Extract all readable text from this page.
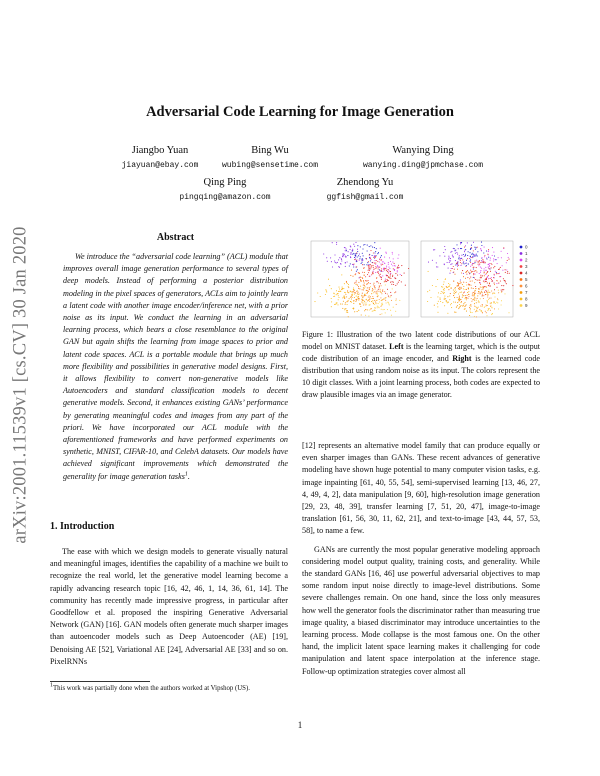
arXiv:2001.11539v1 [cs.CV] 30 Jan 2020
Adversarial Code Learning for Image Generation
Jiangbo Yuan
jiayuan@ebay.com
Bing Wu
wubing@sensetime.com
Wanying Ding
wanying.ding@jpmchase.com
Qing Ping
pingqing@amazon.com
Zhendong Yu
ggfish@gmail.com
Abstract

We introduce the “adversarial code learning” (ACL) module that improves overall image generation performance to several types of deep models. Instead of performing a posterior distribution modeling in the pixel spaces of generators, ACLs aim to jointly learn a latent code with another image encoder/inference net, with a prior noise as its input. We conduct the learning in an adversarial learning process, which bears a close resemblance to the original GAN but again shifts the learning from image spaces to prior and latent code spaces. ACL is a portable module that brings up much more flexibility and possibilities in generative model designs. First, it allows flexibility to convert non-generative models like Autoencoders and standard classification models to decent generative models. Second, it enhances existing GANs’ performance by generating meaningful codes and images from any part of the priori. We have incorporated our ACL module with the aforementioned frameworks and have performed experiments on synthetic, MNIST, CIFAR-10, and CelebA datasets. Our models have achieved significant improvements which demonstrated the generality for image generation tasks$^1$.

1. Introduction

The ease with which we design models to generate visually natural and meaningful images, identifies the capability of a machine we built to recognize the real world, let the generative model learning become a rapidly advancing research topic [16, 42, 46, 1, 14, 36, 61, 14]. The community has recently made impressive progress, in particular after Goodfellow et al. proposed the inspiring Generative Adversarial Network (GAN) [16]. GAN models often generate much sharper images than autoencoder models such as Deep Autoencoder (AE) [19], Denoising AE [52], Variational AE [24], Adversarial AE [33] and so on. PixelRNNs

$^1$This work was partially done when the authors worked at Vipshop (US).
0
1
2
3
4
5
6
7
8
9
Figure 1: Illustration of the two latent code distributions of our ACL model on MNIST dataset. Left is the learning target, which is the output code distribution of an image encoder, and Right is the learned code distribution that using random noise as its input. The colors represent the 10 digit classes. With a joint learning process, both codes are expected to draw plausible images via an image generator.

[12] represents an alternative model family that can produce equally or even sharper images than GANs. These recent advances of generative modeling have shown huge potential to many computer vision tasks, e.g. image inpainting [61, 40, 55, 54], semi-supervised learning [13, 46, 27, 4, 49, 4, 2], data manipulation [9, 60], high-resolution image generation [29, 23, 48, 39], transfer learning [7, 51, 20, 47], image-to-image translation [61, 56, 30, 11, 62, 21], and text-to-image [43, 44, 57, 53, 58], to name a few.

GANs are currently the most popular generative modeling approach considering model output quality, training costs, and generality. While the standard GANs [16, 46] use powerful adversarial objectives to map some random input noise directly to image-level distributions. Some severe challenges remain. On one hand, since the loss only measures how well the generator fools the discriminator rather than measuring true image quality, a biased discriminator may introduce uncertainties to the learning process. Mode collapse is the most famous one. On the other hand, the implicit latent space learning makes it challenging for code manipulation and latent space interpolation at the inference stage. Follow-up optimization strategies cover almost all

1
